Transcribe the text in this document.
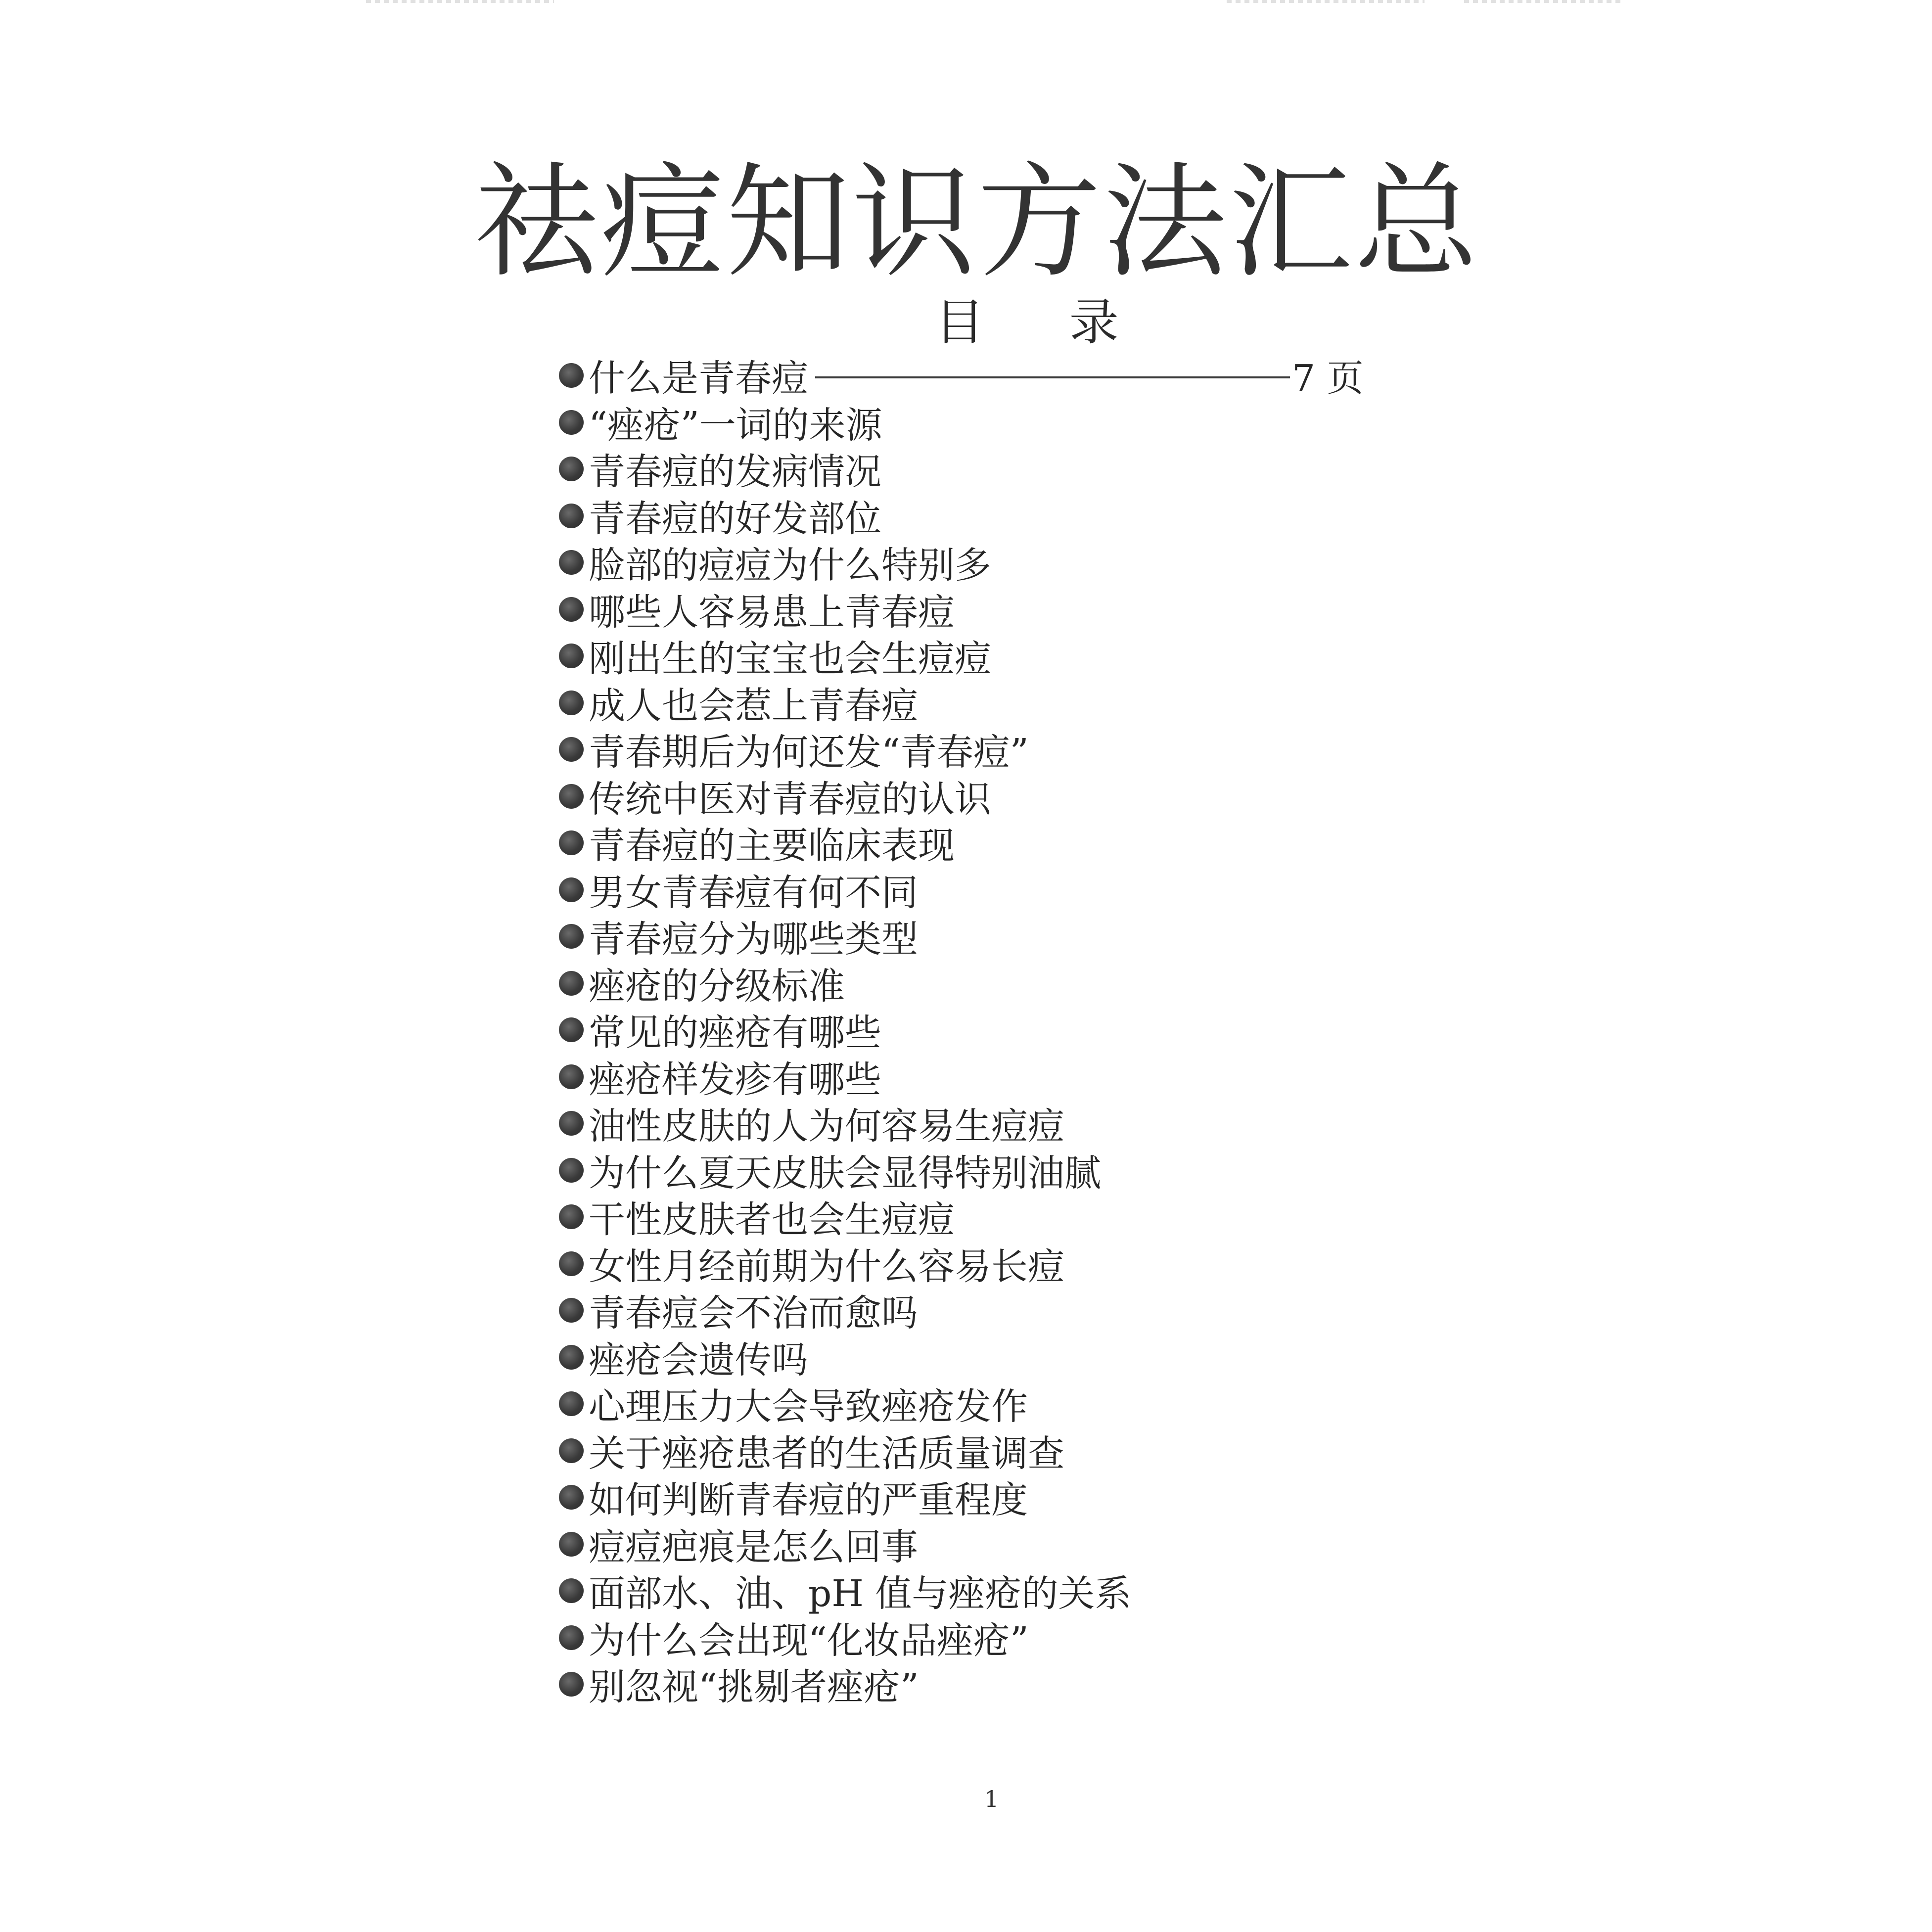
祛痘知识方法汇总
目 录
什么是青春痘	7 页
“痤疮”一词的来源
青春痘的发病情况
青春痘的好发部位
脸部的痘痘为什么特别多
哪些人容易患上青春痘
刚出生的宝宝也会生痘痘
成人也会惹上青春痘
青春期后为何还发“青春痘”
传统中医对青春痘的认识
青春痘的主要临床表现
男女青春痘有何不同
青春痘分为哪些类型
痤疮的分级标准
常见的痤疮有哪些
痤疮样发疹有哪些
油性皮肤的人为何容易生痘痘
为什么夏天皮肤会显得特别油腻
干性皮肤者也会生痘痘
女性月经前期为什么容易长痘
青春痘会不治而愈吗
痤疮会遗传吗
心理压力大会导致痤疮发作
关于痤疮患者的生活质量调查
如何判断青春痘的严重程度
痘痘疤痕是怎么回事
面部水、油、pH 值与痤疮的关系
为什么会出现“化妆品痤疮”
别忽视“挑剔者痤疮”
1
